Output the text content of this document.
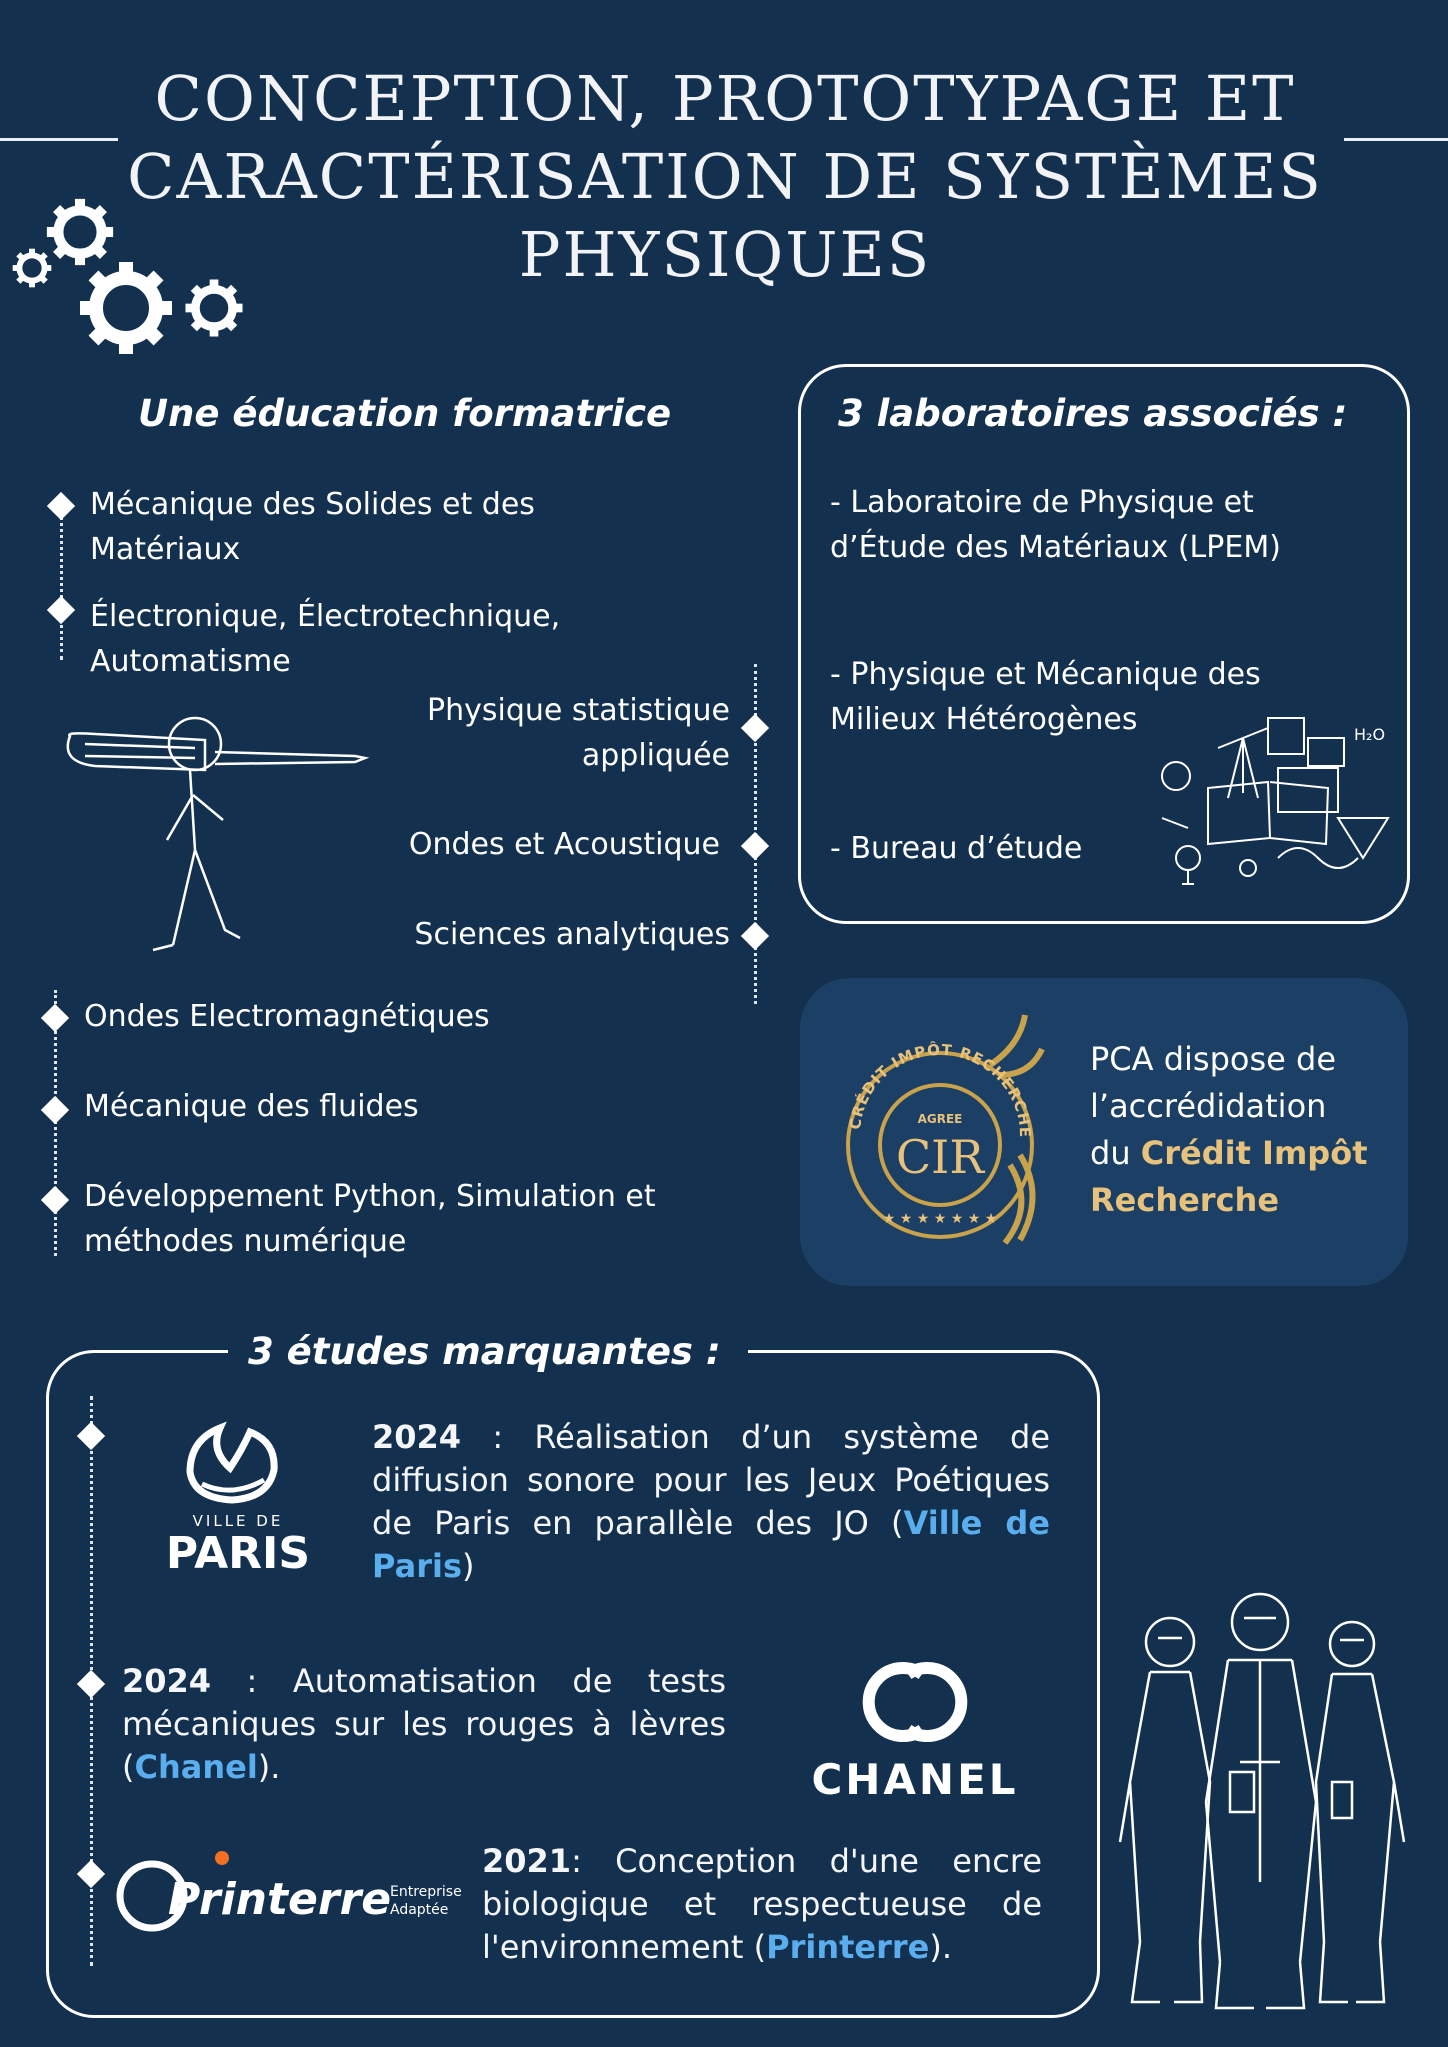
CONCEPTION, PROTOTYPAGE ET
CARACTÉRISATION DE SYSTÈMES
PHYSIQUES
Une éducation formatrice
Mécanique des Solides et des Matériaux
Électronique, Électrotechnique, Automatisme
Physique statistique appliquée
Ondes et Acoustique
Sciences analytiques
Ondes Electromagnétiques
Mécanique des fluides
Développement Python, Simulation et méthodes numérique
3 laboratoires associés :
- Laboratoire de Physique et d’Étude des Matériaux (LPEM)
- Physique et Mécanique des Milieux Hétérogènes
- Bureau d’étude
H₂O
CRÉDIT IMPÔT RECHERCHE
AGREE
CIR
★ ★ ★ ★ ★ ★ ★
PCA dispose de l’accrédidation du Crédit Impôt Recherche
3 études marquantes :
VILLE DE
PARIS
2024 : Réalisation d’un système de diffusion sonore pour les Jeux Poétiques de Paris en parallèle des JO (Ville de Paris)
2024 : Automatisation de tests mécaniques sur les rouges à lèvres (Chanel).	CHANEL
Printerre
Entreprise
Adaptée
2021: Conception d'une encre biologique et respectueuse de l'environnement (Printerre).
